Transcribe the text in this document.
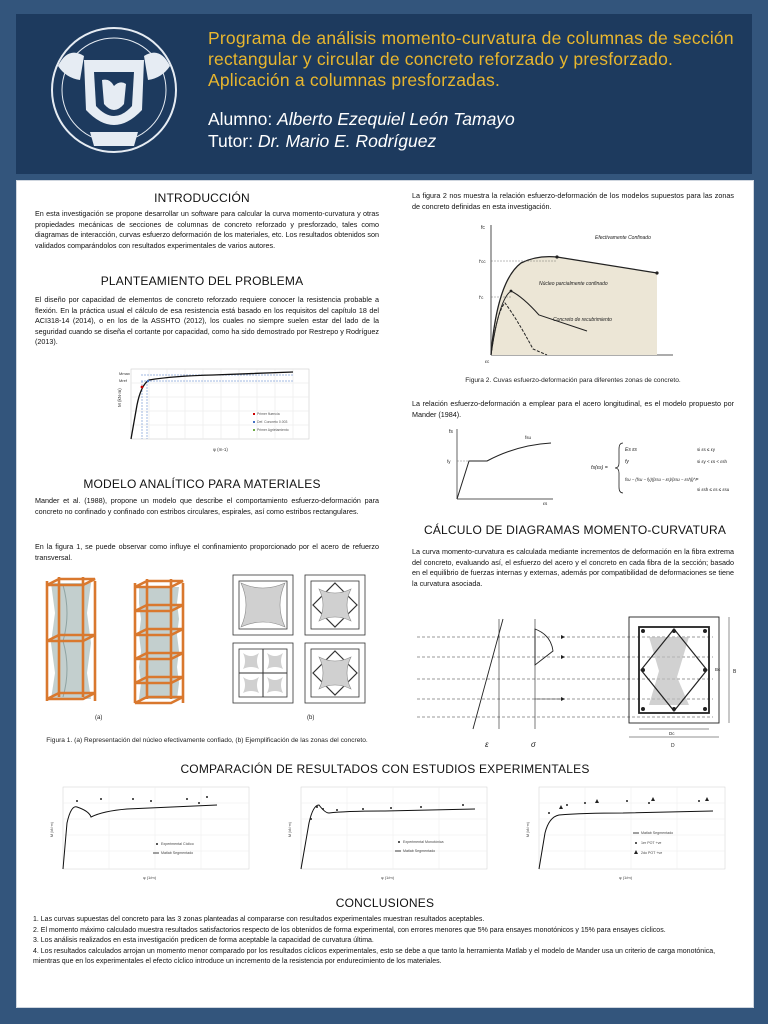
Programa de análisis momento-curvatura de columnas de sección rectangular y circular de concreto reforzado y presforzado. Aplicación a columnas presforzadas.
Alumno: Alberto Ezequiel León Tamayo
Tutor: Dr. Mario E. Rodríguez
INTRODUCCIÓN
En esta investigación se propone desarrollar un software para calcular la curva momento-curvatura y otras propiedades mecánicas de secciones de columnas de concreto reforzado y presforzado, tales como diagramas de interacción, curvas esfuerzo deformación de los materiales, etc. Los resultados obtenidos son validados comparándolos con resultados experimentales de varios autores.
PLANTEAMIENTO DEL PROBLEMA
El diseño por capacidad de elementos de concreto reforzado requiere conocer la resistencia probable a flexión. En la práctica usual el cálculo de esa resistencia está basado en los requisitos del capítulo 18 del ACI318-14 (2014), o en los de la ASSHTO (2012), los cuales no siempre suelen estar del lado de la seguridad cuando se diseña el cortante por capacidad, como ha sido demostrado por Restrepo y Rodríguez (2013).
M (kN·m)
Mmax
Mref
φ (m-1)
Primer fluencia
Def. Concreto 0.003
Primer Agrietamiento
MODELO ANALÍTICO PARA MATERIALES
Mander et al. (1988), propone un modelo que describe el comportamiento esfuerzo-deformación para concreto no confinado y confinado con estribos circulares, espirales, así como estribos rectangulares.
En la figura 1, se puede observar como influye el confinamiento proporcionado por el acero de refuerzo transversal.
(a)	(b)
Figura 1. (a) Representación del núcleo efectivamente confiado, (b) Ejemplificación de las zonas del concreto.
La figura 2 nos muestra la relación esfuerzo-deformación de los modelos supuestos para las zonas de concreto definidas en esta investigación.
fc
f'cc
f'c
Efectivamente Confinado
Núcleo parcialmente confinado
Concreto de recubrimiento
εc
Figura 2. Cuvas esfuerzo-deformación para diferentes zonas de concreto.
La relación esfuerzo-deformación a emplear para el acero longitudinal, es el modelo propuesto por Mander (1984).
fs
fy
fsu
εs
fs(εs) =
Es εs
fy
fsu − (fsu − fy)((εsu − εs)/(εsu − εsh))^P
si εs ≤ εy
si εy < εs < εsh
si εsh ≤ εs ≤ εsu
CÁLCULO DE DIAGRAMAS MOMENTO-CURVATURA
La curva momento-curvatura es calculada mediante incrementos de deformación en la fibra extrema del concreto, evaluando así, el esfuerzo del acero y el concreto en cada fibra de la sección; basado en el equilibrio de fuerzas internas y externas, además por compatibilidad de deformaciones se tiene la curvatura asociada.
ε	σ	D
Dc
B
Bc
COMPARACIÓN DE RESULTADOS CON ESTUDIOS EXPERIMENTALES
M (kN·m)
Experimental Cíclico
Matlab Segmentado
φ (1/m)
M (kN·m)
Experimental Monotónica
Matlab Segmentado
φ (1/m)
M (kN·m)	Matlab Segmentado
1er POT +ve
2do POT +ve
φ (1/m)
CONCLUSIONES

1. Las curvas supuestas del concreto para las 3 zonas planteadas al compararse con resultados experimentales muestran resultados aceptables.

2. El momento máximo calculado muestra resultados satisfactorios respecto de los obtenidos de forma experimental, con errores menores que 5% para ensayes monotónicos y 15% para ensayes cíclicos.

3. Los análisis realizados en esta investigación predicen de forma aceptable la capacidad de curvatura última.

4. Los resultados calculados arrojan un momento menor comparado por los resultados cíclicos experimentales, esto se debe a que tanto la herramienta Matlab y el modelo de Mander usa un criterio de carga monotónica, mientras que en los experimentales el efecto cíclico introduce un incremento de la resistencia por endurecimiento de los materiales.
